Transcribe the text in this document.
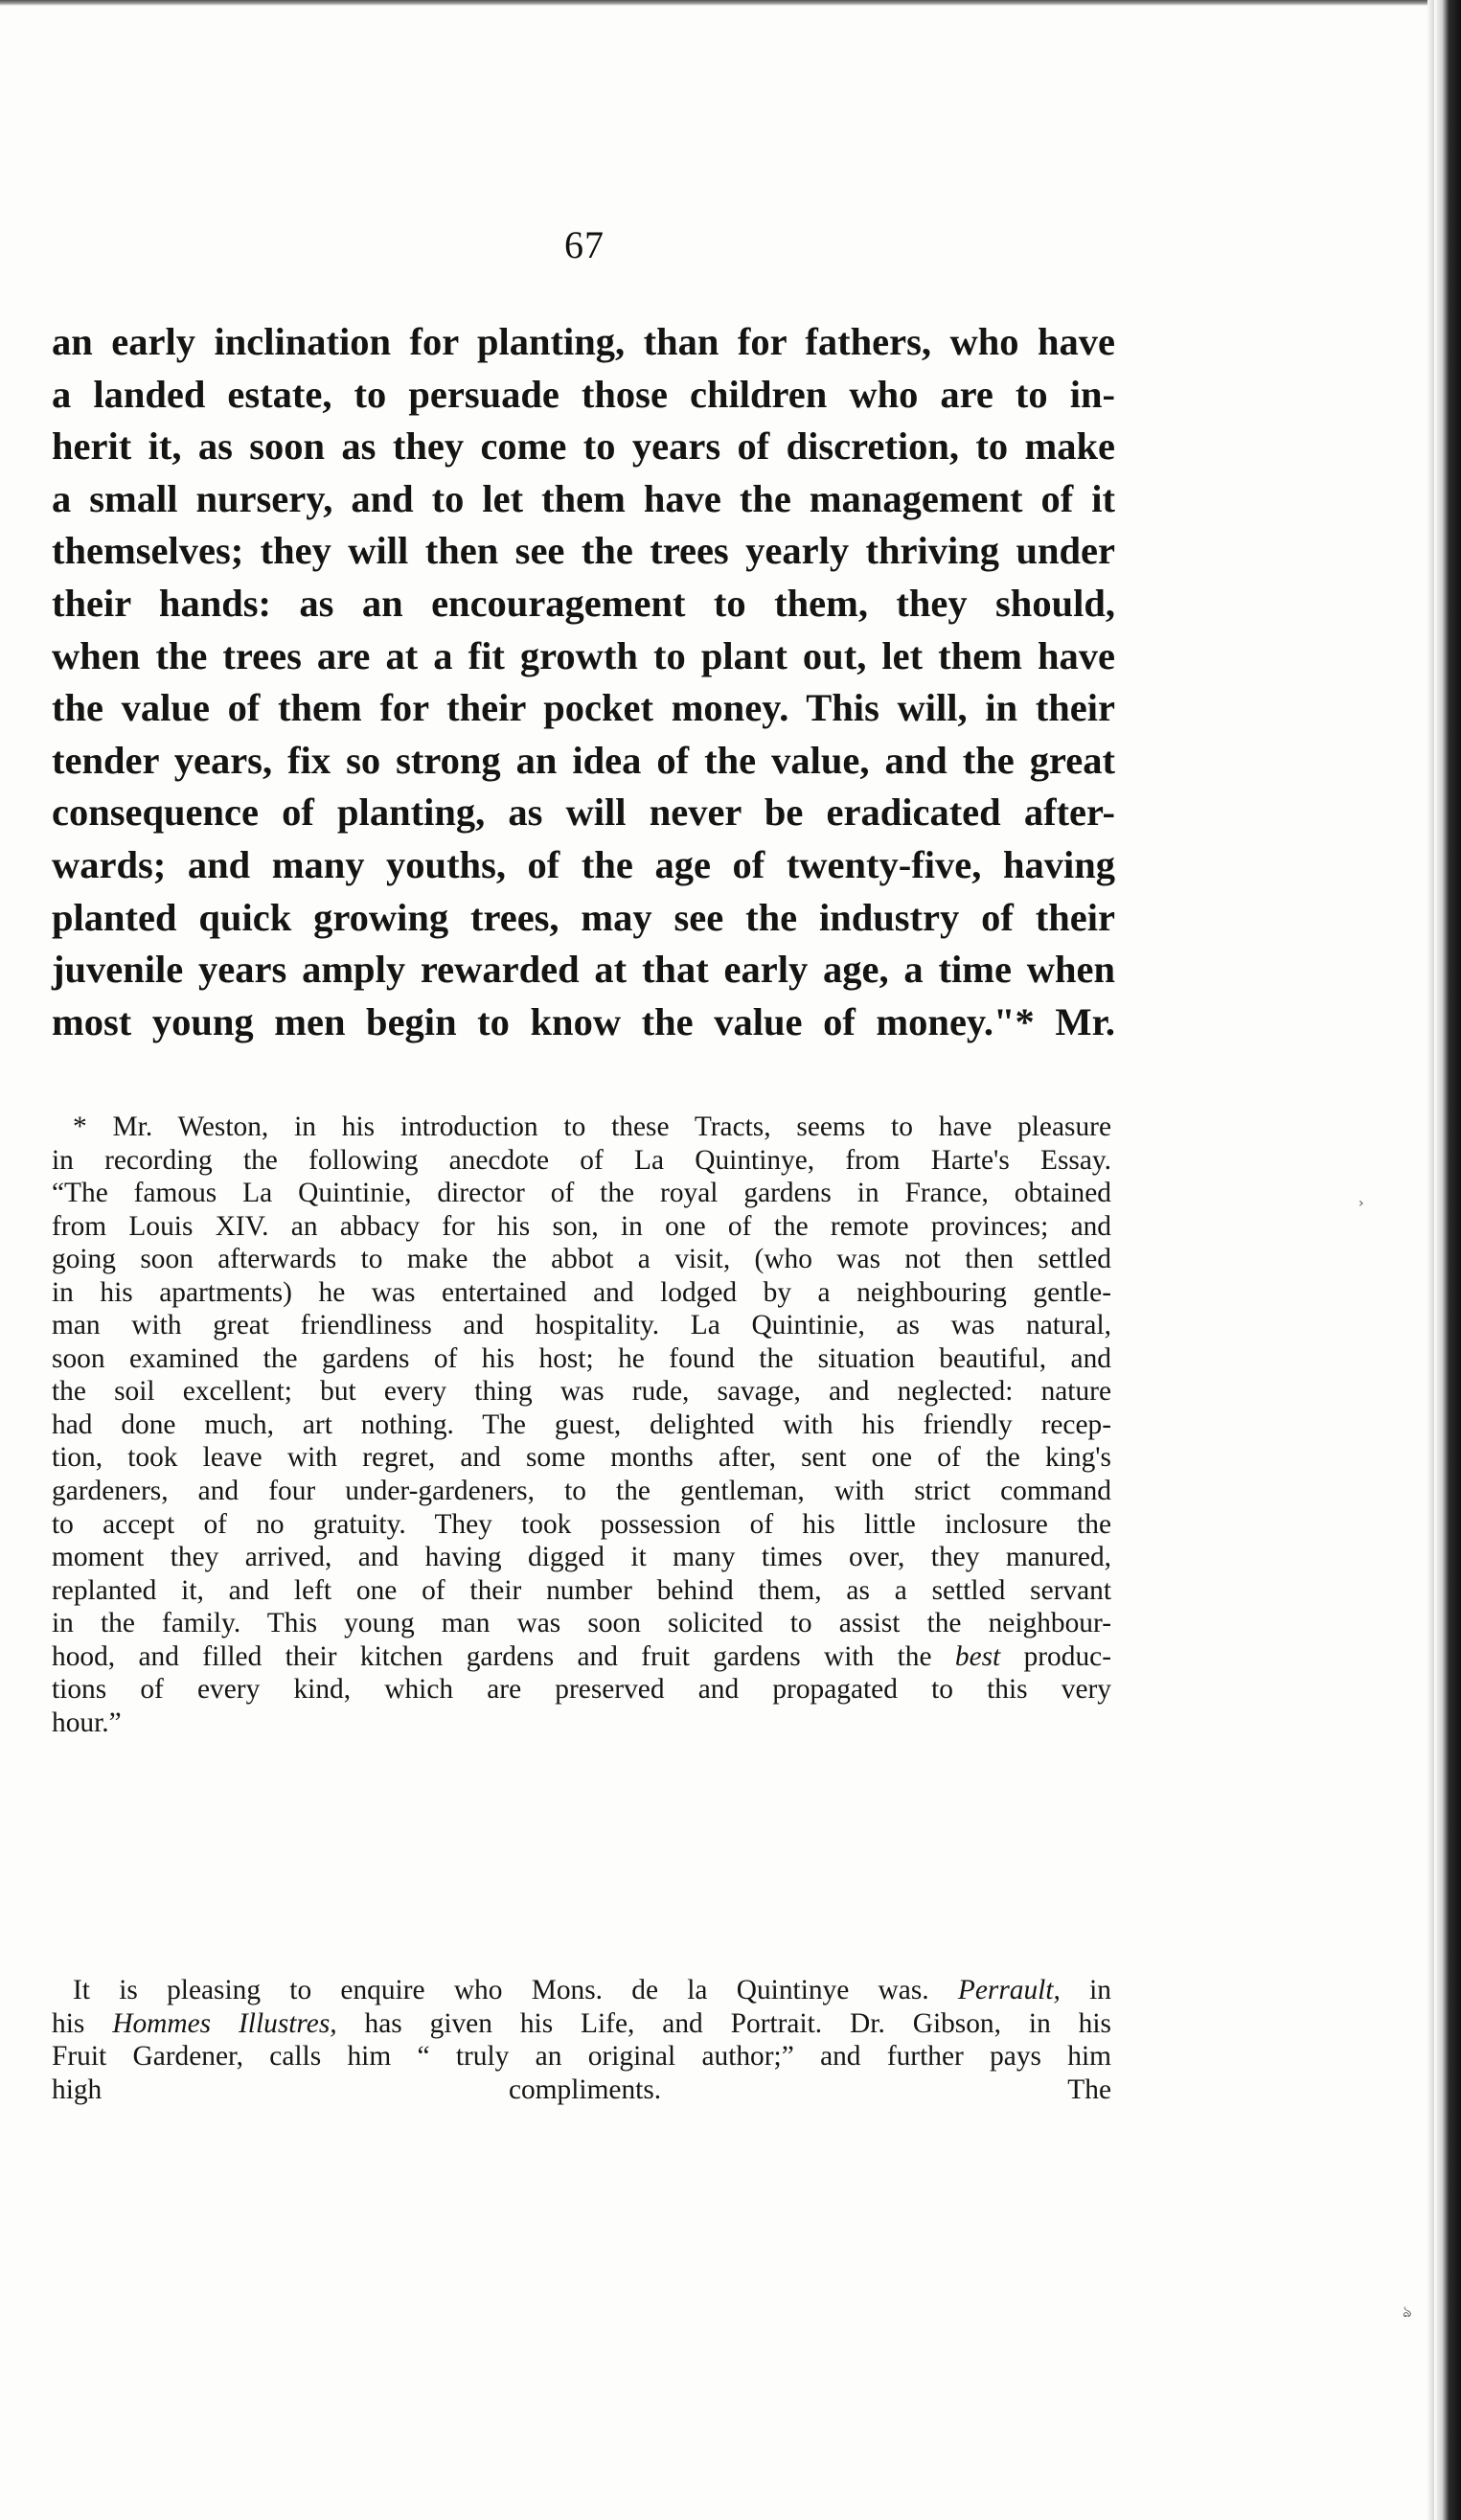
67
an early inclination for planting, than for fathers, who have
a landed estate, to persuade those children who are to in-
herit it, as soon as they come to years of discretion, to make
a small nursery, and to let them have the management of it
themselves; they will then see the trees yearly thriving under
their hands: as an encouragement to them, they should,
when the trees are at a fit growth to plant out, let them have
the value of them for their pocket money. This will, in their
tender years, fix so strong an idea of the value, and the great
consequence of planting, as will never be eradicated after-
wards; and many youths, of the age of twenty-five, having
planted quick growing trees, may see the industry of their
juvenile years amply rewarded at that early age, a time when
most young men begin to know the value of money."* Mr.
* Mr. Weston, in his introduction to these Tracts, seems to have pleasure
in recording the following anecdote of La Quintinye, from Harte's Essay.
“The famous La Quintinie, director of the royal gardens in France, obtained
from Louis XIV. an abbacy for his son, in one of the remote provinces; and
going soon afterwards to make the abbot a visit, (who was not then settled
in his apartments) he was entertained and lodged by a neighbouring gentle-
man with great friendliness and hospitality. La Quintinie, as was natural,
soon examined the gardens of his host; he found the situation beautiful, and
the soil excellent; but every thing was rude, savage, and neglected: nature
had done much, art nothing. The guest, delighted with his friendly recep-
tion, took leave with regret, and some months after, sent one of the king's
gardeners, and four under-gardeners, to the gentleman, with strict command
to accept of no gratuity. They took possession of his little inclosure the
moment they arrived, and having digged it many times over, they manured,
replanted it, and left one of their number behind them, as a settled servant
in the family. This young man was soon solicited to assist the neighbour-
hood, and filled their kitchen gardens and fruit gardens with the best produc-
tions of every kind, which are preserved and propagated to this very
hour.”
It is pleasing to enquire who Mons. de la Quintinye was. Perrault, in
his Hommes Illustres, has given his Life, and Portrait. Dr. Gibson, in his
Fruit Gardener, calls him “ truly an original author;” and further pays him
high compliments.	The
›
ঌ
